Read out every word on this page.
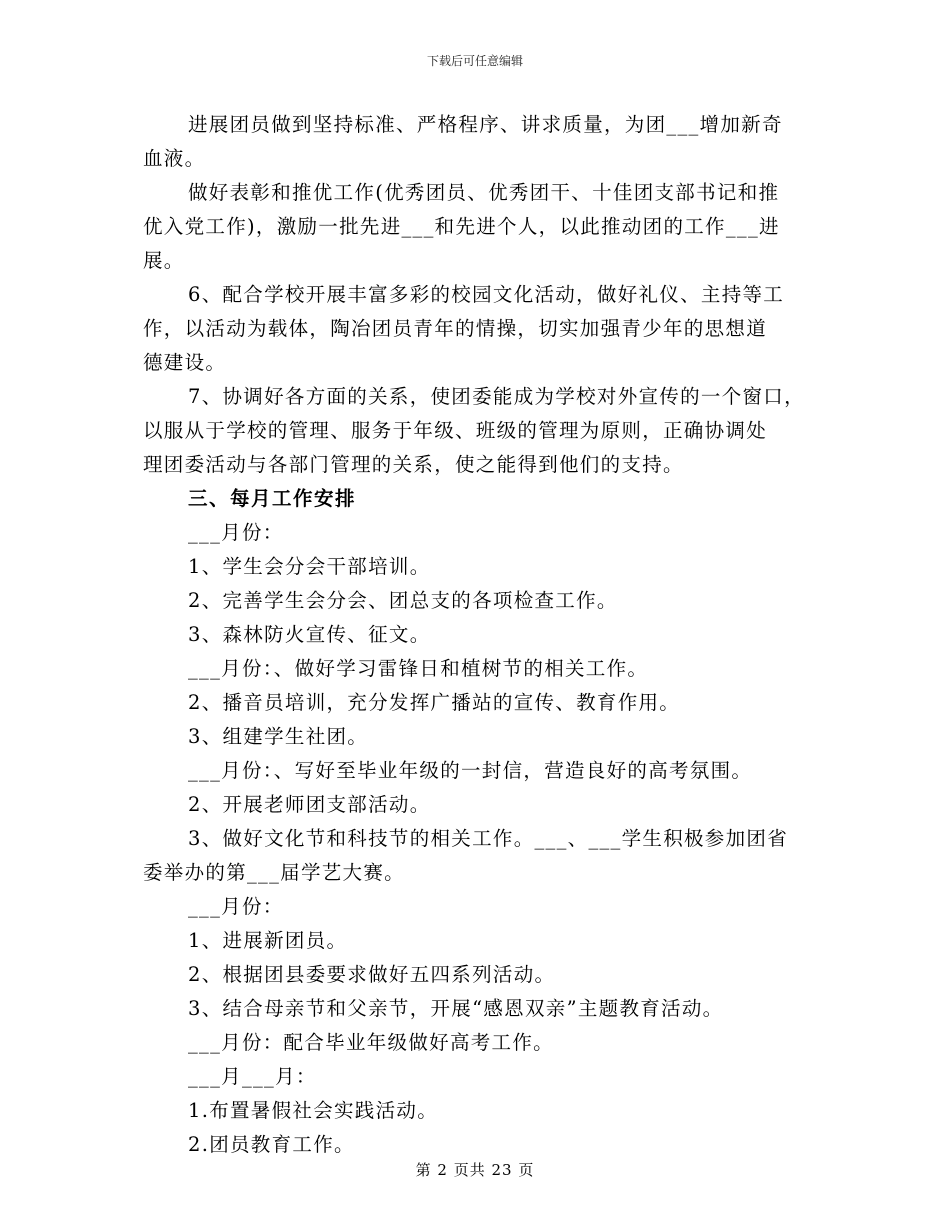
下载后可任意编辑
进展团员做到坚持标准、严格程序、讲求质量，为团___增加新奇
血液。
做好表彰和推优工作(优秀团员、优秀团干、十佳团支部书记和推
优入党工作)，激励一批先进___和先进个人，以此推动团的工作___进
展。
6、配合学校开展丰富多彩的校园文化活动，做好礼仪、主持等工
作，以活动为载体，陶冶团员青年的情操，切实加强青少年的思想道
德建设。
7、协调好各方面的关系，使团委能成为学校对外宣传的一个窗口，
以服从于学校的管理、服务于年级、班级的管理为原则，正确协调处
理团委活动与各部门管理的关系，使之能得到他们的支持。
三、每月工作安排
___月份：
1、学生会分会干部培训。
2、完善学生会分会、团总支的各项检查工作。
3、森林防火宣传、征文。
___月份：、做好学习雷锋日和植树节的相关工作。
2、播音员培训，充分发挥广播站的宣传、教育作用。
3、组建学生社团。
___月份：、写好至毕业年级的一封信，营造良好的高考氛围。
2、开展老师团支部活动。
3、做好文化节和科技节的相关工作。___、___学生积极参加团省
委举办的第___届学艺大赛。
___月份：
1、进展新团员。
2、根据团县委要求做好五四系列活动。
3、结合母亲节和父亲节，开展“感恩双亲”主题教育活动。
___月份：配合毕业年级做好高考工作。
___月___月：
1.布置暑假社会实践活动。
2.团员教育工作。
第 2 页共 23 页
